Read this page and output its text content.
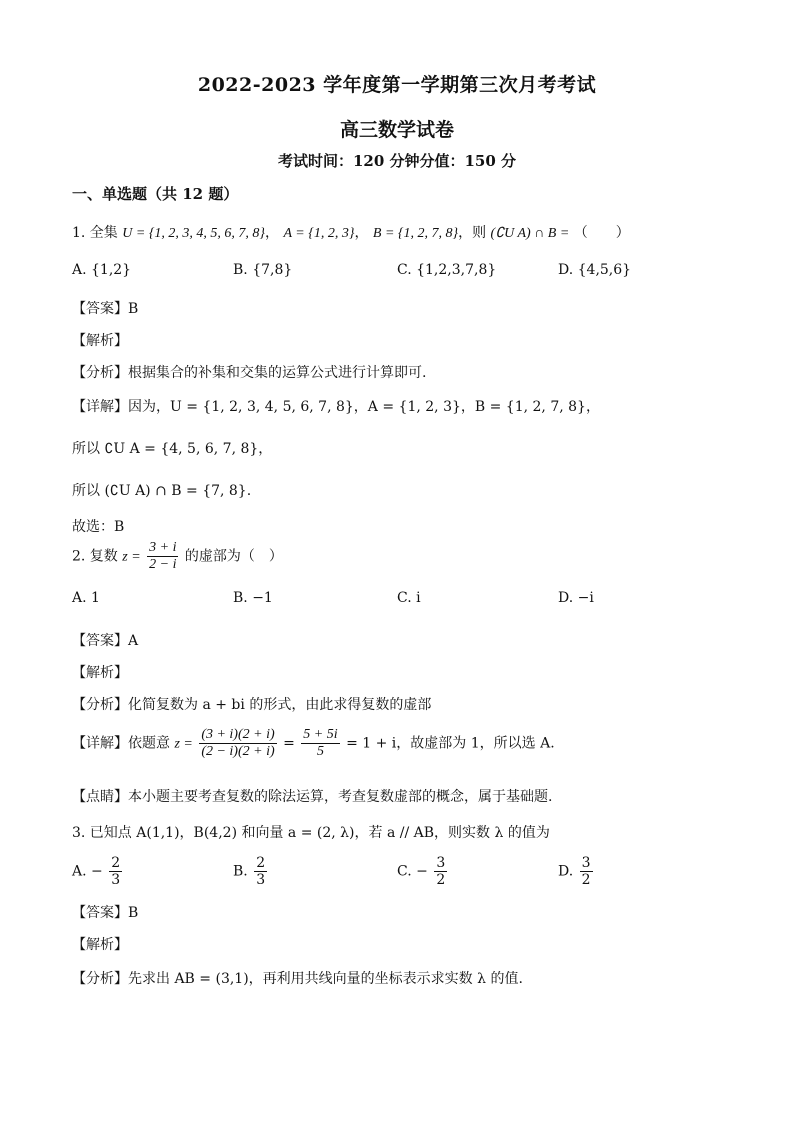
2022-2023 学年度第一学期第三次月考考试
高三数学试卷
考试时间：120 分钟分值：150 分
一、单选题（共 12 题）
1. 全集 U = {1, 2, 3, 4, 5, 6, 7, 8}， A = {1, 2, 3}， B = {1, 2, 7, 8}，则 (∁U A) ∩ B = （　　）
A. {1,2}	B. {7,8}	C. {1,2,3,7,8}	D. {4,5,6}
【答案】B
【解析】
【分析】根据集合的补集和交集的运算公式进行计算即可.
【详解】因为，U = {1, 2, 3, 4, 5, 6, 7, 8}，A = {1, 2, 3}，B = {1, 2, 7, 8}，
所以 ∁U A = {4, 5, 6, 7, 8}，
所以 (∁U A) ∩ B = {7, 8}.
故选：B
2. 复数 $z = \frac{3 + i}{2 - i}$ 的虚部为（　）
A. 1	B. −1	C. i	D. −i
【答案】A
【解析】
【分析】化简复数为 a + bi 的形式，由此求得复数的虚部
【详解】依题意 $z = \frac{(3 + i)(2 + i)}{(2 - i)(2 + i)} = \frac{5 + 5i}{5} = 1 + i$，故虚部为 1，所以选 A.
【点睛】本小题主要考查复数的除法运算，考查复数虚部的概念，属于基础题.
3. 已知点 A(1,1)，B(4,2) 和向量 a = (2, λ)，若 a // AB，则实数 λ 的值为
A. − $\frac{2}{3}$	B. $\frac{2}{3}$	C. − $\frac{3}{2}$	D. $\frac{3}{2}$
【答案】B
【解析】
【分析】先求出 AB = (3,1)，再利用共线向量的坐标表示求实数 λ 的值.
